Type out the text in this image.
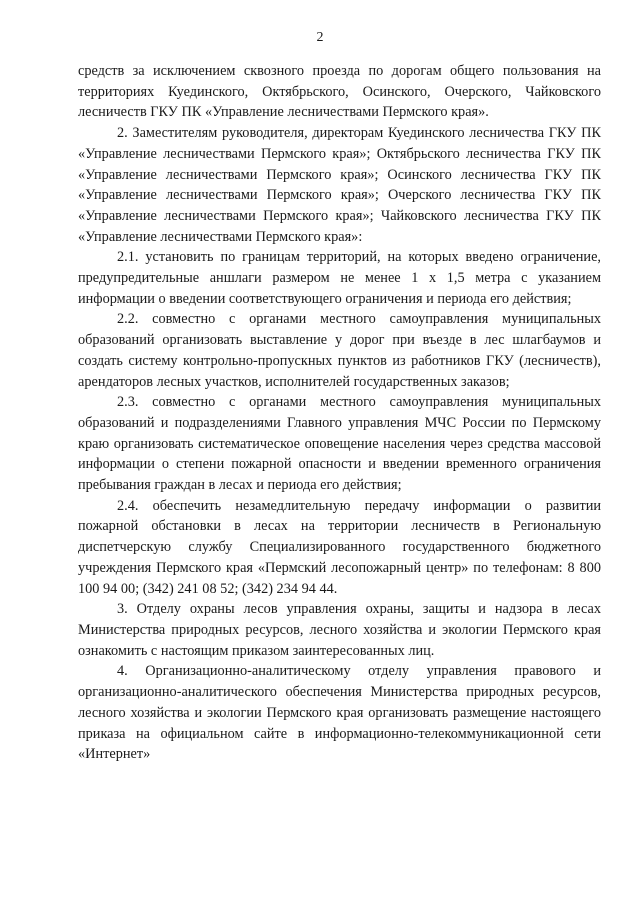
2

средств за исключением сквозного проезда по дорогам общего пользования на территориях Куединского, Октябрьского, Осинского, Очерского, Чайковского лесничеств ГКУ ПК «Управление лесничествами Пермского края».

2. Заместителям руководителя, директорам Куединского лесничества ГКУ ПК «Управление лесничествами Пермского края»; Октябрьского лесничества ГКУ ПК «Управление лесничествами Пермского края»; Осинского лесничества ГКУ ПК «Управление лесничествами Пермского края»; Очерского лесничества ГКУ ПК «Управление лесничествами Пермского края»; Чайковского лесничества ГКУ ПК «Управление лесничествами Пермского края»:

2.1. установить по границам территорий, на которых введено ограничение, предупредительные аншлаги размером не менее 1 х 1,5 метра с указанием информации о введении соответствующего ограничения и периода его действия;

2.2. совместно с органами местного самоуправления муниципальных образований организовать выставление у дорог при въезде в лес шлагбаумов и создать систему контрольно-пропускных пунктов из работников ГКУ (лесничеств), арендаторов лесных участков, исполнителей государственных заказов;

2.3. совместно с органами местного самоуправления муниципальных образований и подразделениями Главного управления МЧС России по Пермскому краю организовать систематическое оповещение населения через средства массовой информации о степени пожарной опасности и введении временного ограничения пребывания граждан в лесах и периода его действия;

2.4. обеспечить незамедлительную передачу информации о развитии пожарной обстановки в лесах на территории лесничеств в Региональную диспетчерскую службу Специализированного государственного бюджетного учреждения Пермского края «Пермский лесопожарный центр» по телефонам: 8 800 100 94 00; (342) 241 08 52; (342) 234 94 44.

3. Отделу охраны лесов управления охраны, защиты и надзора в лесах Министерства природных ресурсов, лесного хозяйства и экологии Пермского края ознакомить с настоящим приказом заинтересованных лиц.

4. Организационно-аналитическому отделу управления правового и организационно-аналитического обеспечения Министерства природных ресурсов, лесного хозяйства и экологии Пермского края организовать размещение настоящего приказа на официальном сайте в информационно-телекоммуникационной сети «Интернет»
